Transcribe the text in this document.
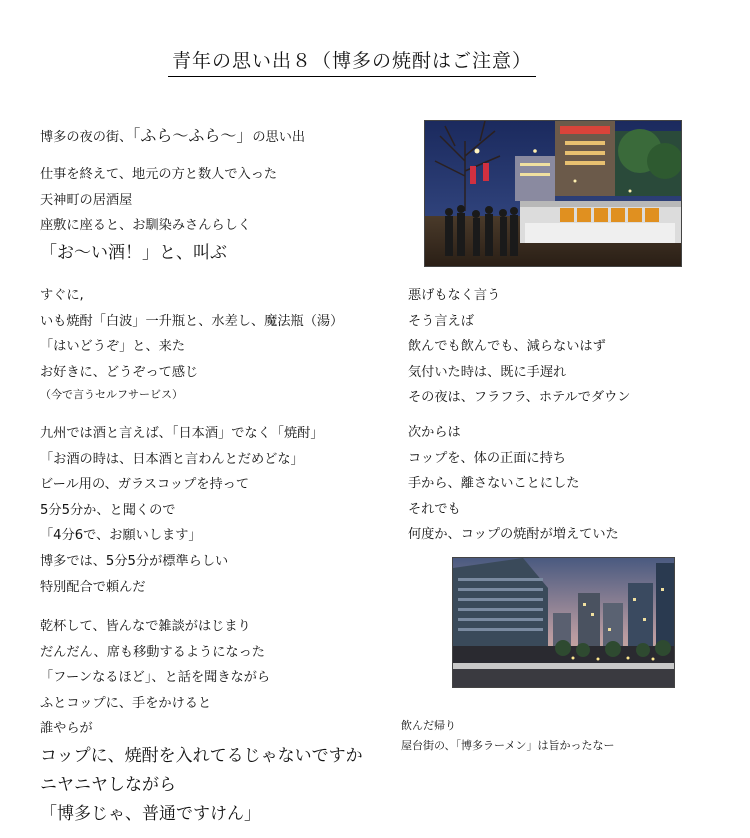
青年の思い出８（博多の焼酎はご注意）
博多の夜の街、「ふら～ふら～」の思い出
仕事を終えて、地元の方と数人で入った
天神町の居酒屋
座敷に座ると、お馴染みさんらしく
「お～い酒！」と、叫ぶ
すぐに,
いも焼酎「白波」一升瓶と、水差し、魔法瓶（湯）
「はいどうぞ」と、来た
お好きに、どうぞって感じ
（今で言うセルフサービス）
九州では酒と言えば、「日本酒」でなく「焼酎」
「お酒の時は、日本酒と言わんとだめどな」
ビール用の、ガラスコップを持って
5分5分か、と聞くので
「4分6で、お願いします」
博多では、5分5分が標準らしい
特別配合で頼んだ
乾杯して、皆んなで雑談がはじまり
だんだん、席も移動するようになった
「フーンなるほど」、と話を聞きながら
ふとコップに、手をかけると
誰やらが
コップに、焼酎を入れてるじゃないですか
ニヤニヤしながら
「博多じゃ、普通ですけん」
悪げもなく言う
そう言えば
飲んでも飲んでも、減らないはず
気付いた時は、既に手遅れ
その夜は、フラフラ、ホテルでダウン
次からは
コップを、体の正面に持ち
手から、離さないことにした
それでも
何度か、コップの焼酎が増えていた
飲んだ帰り
屋台街の、「博多ラーメン」は旨かったなー
